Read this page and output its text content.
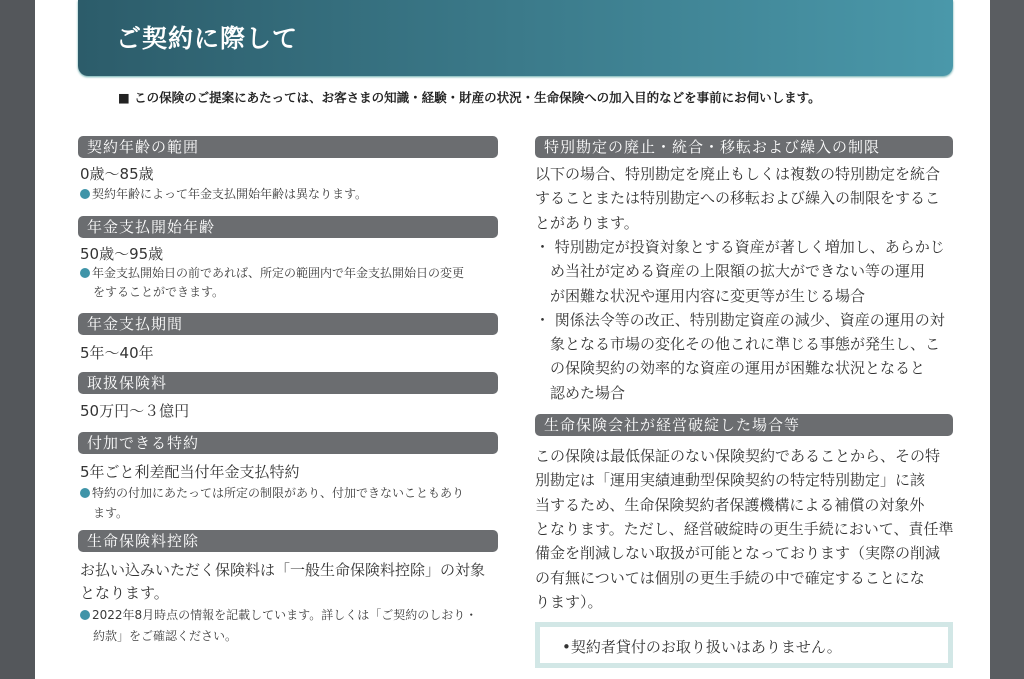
ご契約に際して
■ この保険のご提案にあたっては、お客さまの知識・経験・財産の状況・生命保険への加入目的などを事前にお伺いします。
契約年齢の範囲
0歳〜85歳
契約年齢によって年金支払開始年齢は異なります。
年金支払開始年齢
50歳〜95歳
年金支払開始日の前であれば、所定の範囲内で年金支払開始日の変更
をすることができます。
年金支払期間
5年〜40年
取扱保険料
50万円〜３億円
付加できる特約
5年ごと利差配当付年金支払特約
特約の付加にあたっては所定の制限があり、付加できないこともあり
ます。
生命保険料控除
お払い込みいただく保険料は「一般生命保険料控除」の対象
となります。
2022年8月時点の情報を記載しています。詳しくは「ご契約のしおり・
約款」をご確認ください。
特別勘定の廃止・統合・移転および繰入の制限
以下の場合、特別勘定を廃止もしくは複数の特別勘定を統合
することまたは特別勘定への移転および繰入の制限をするこ
とがあります。
・ 特別勘定が投資対象とする資産が著しく増加し、あらかじ
　め当社が定める資産の上限額の拡大ができない等の運用
　が困難な状況や運用内容に変更等が生じる場合
・ 関係法令等の改正、特別勘定資産の減少、資産の運用の対
　象となる市場の変化その他これに準じる事態が発生し、こ
　の保険契約の効率的な資産の運用が困難な状況となると
　認めた場合
生命保険会社が経営破綻した場合等
この保険は最低保証のない保険契約であることから、その特
別勘定は「運用実績連動型保険契約の特定特別勘定」に該
当するため、生命保険契約者保護機構による補償の対象外
となります。ただし、経営破綻時の更生手続において、責任準
備金を削減しない取扱が可能となっております（実際の削減
の有無については個別の更生手続の中で確定することにな
ります）。
•契約者貸付のお取り扱いはありません。
